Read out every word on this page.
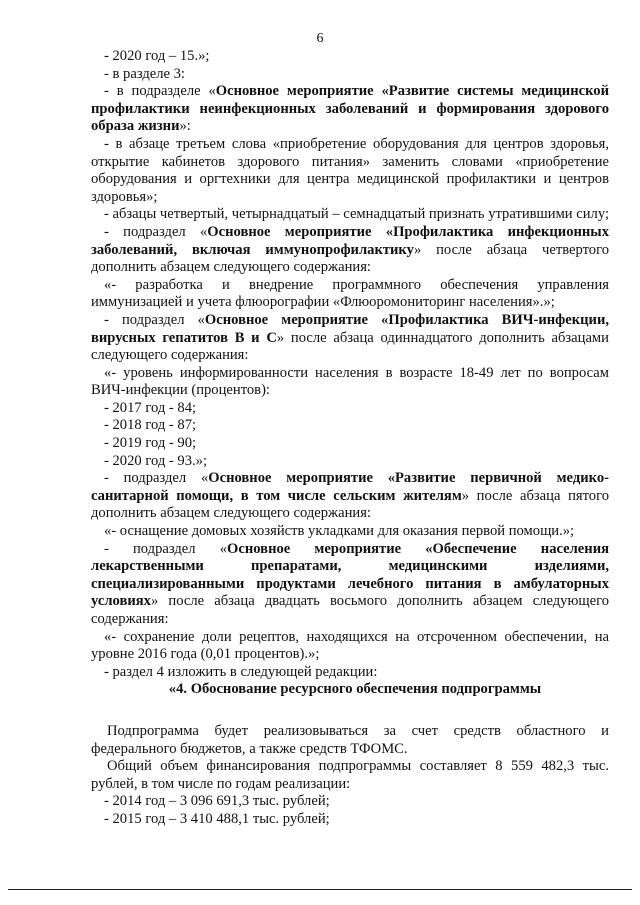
6

- 2020 год – 15.»;

- в разделе 3:

- в подразделе «Основное мероприятие «Развитие системы медицинской профилактики неинфекционных заболеваний и формирования здорового образа жизни»:

- в абзаце третьем слова «приобретение оборудования для центров здоровья, открытие кабинетов здорового питания» заменить словами «приобретение оборудования и оргтехники для центра медицинской профилактики и центров здоровья»;

- абзацы четвертый, четырнадцатый – семнадцатый признать утратившими силу;

- подраздел «Основное мероприятие «Профилактика инфекционных заболеваний, включая иммунопрофилактику» после абзаца четвертого дополнить абзацем следующего содержания:

«- разработка и внедрение программного обеспечения управления иммунизацией и учета флюорографии «Флюоромониторинг населения».»;

- подраздел «Основное мероприятие «Профилактика ВИЧ-инфекции, вирусных гепатитов В и С» после абзаца одиннадцатого дополнить абзацами следующего содержания:

«- уровень информированности населения в возрасте 18-49 лет по вопросам ВИЧ-инфекции (процентов):

- 2017 год - 84;

- 2018 год - 87;

- 2019 год - 90;

- 2020 год - 93.»;

- подраздел «Основное мероприятие «Развитие первичной медико-санитарной помощи, в том числе сельским жителям» после абзаца пятого дополнить абзацем следующего содержания:

«- оснащение домовых хозяйств укладками для оказания первой помощи.»;

- подраздел «Основное мероприятие «Обеспечение населения лекарственными препаратами, медицинскими изделиями, специализированными продуктами лечебного питания в амбулаторных условиях» после абзаца двадцать восьмого дополнить абзацем следующего содержания:

«- сохранение доли рецептов, находящихся на отсроченном обеспечении, на уровне 2016 года (0,01 процентов).»;

- раздел 4 изложить в следующей редакции:

«4. Обоснование ресурсного обеспечения подпрограммы

Подпрограмма будет реализовываться за счет средств областного и федерального бюджетов, а также средств ТФОМС.

Общий объем финансирования подпрограммы составляет 8 559 482,3 тыс. рублей, в том числе по годам реализации:

- 2014 год – 3 096 691,3 тыс. рублей;

- 2015 год – 3 410 488,1 тыс. рублей;
